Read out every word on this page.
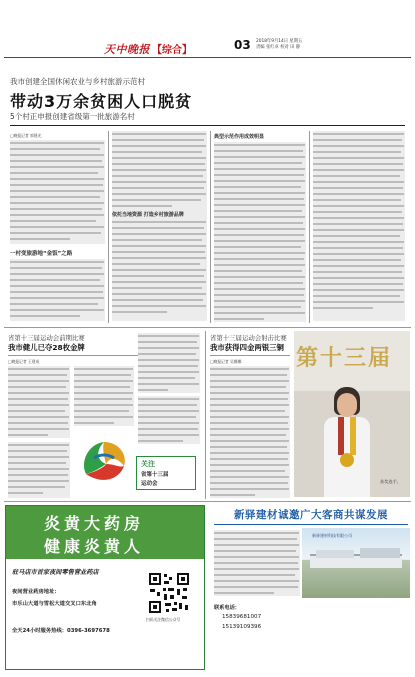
天中晚报 【综合】	03 2018年9月14日 星期五
责编 张红卓 校对 田 静
我市创建全国休闲农业与乡村旅游示范村
带动3万余贫困人口脱贫
5个村正申报创建省级第一批旅游名村
□晚报记者 郭建光
一村变旅游地“金饭”之路
依托当地资源 打造乡村旅游品牌
典型示范作用成效明显
省第十三届运动会前期比赛
我市健儿已夺28枚金牌
□晚报记者 王建成
关注
省第十三届
运动会
省第十三届运动会射击比赛
我市获得四金两银三铜
□晚报记者 吴娜娜 第十三届
获奖选手。
炎黄大药房
健康炎黄人
驻马店市首家夜间零售营业药店
夜间营业药房地址：
市乐山大道与雪松大道交叉口东北角
全天24小时服务热线：0396-3697678
扫码关注微信公众号
新驿建材诚邀广大客商共谋发展
新驿建材科技有限公司
联系电话：
15839681007
15139109396
